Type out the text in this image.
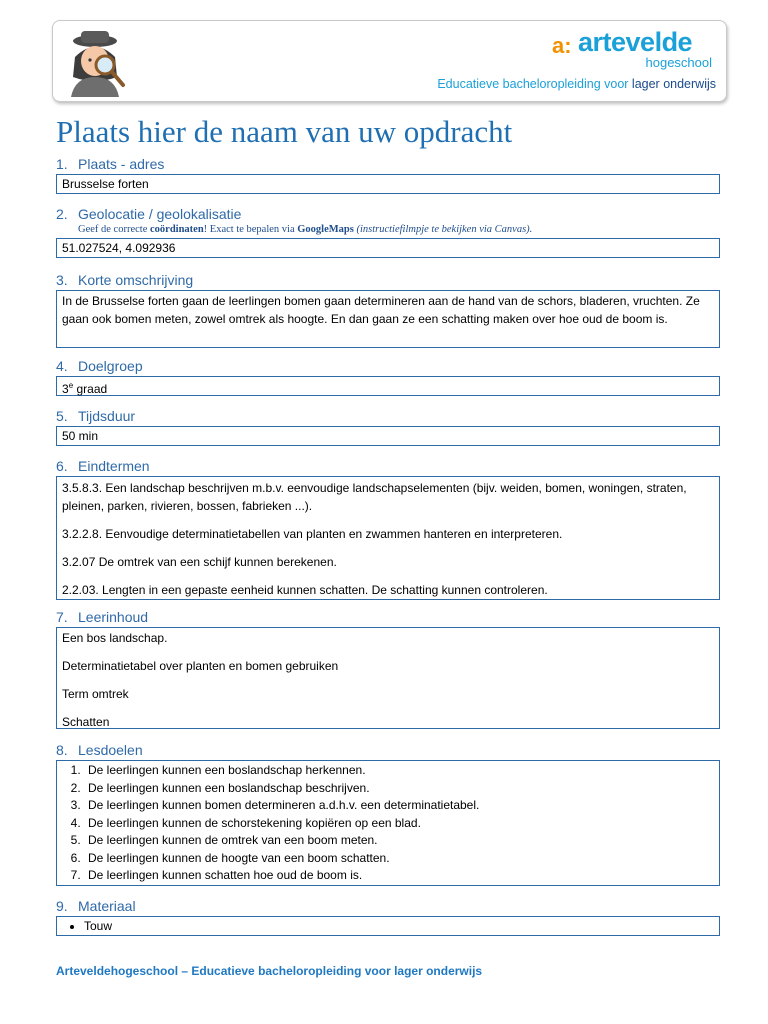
a: artevelde
hogeschool
Educatieve bacheloropleiding voor lager onderwijs
Plaats hier de naam van uw opdracht
1. Plaats - adres

Brusselse forten

2. Geolocatie / geolokalisatie
Geef de correcte coördinaten! Exact te bepalen via GoogleMaps (instructiefilmpje te bekijken via Canvas).

51.027524, 4.092936

3. Korte omschrijving

In de Brusselse forten gaan de leerlingen bomen gaan determineren aan de hand van de schors, bladeren, vruchten. Ze gaan ook bomen meten, zowel omtrek als hoogte. En dan gaan ze een schatting maken over hoe oud de boom is.

4. Doelgroep

3e graad

5. Tijdsduur

50 min

6. Eindtermen

3.5.8.3. Een landschap beschrijven m.b.v. eenvoudige landschapselementen (bijv. weiden, bomen, woningen, straten, pleinen, parken, rivieren, bossen, fabrieken ...).

3.2.2.8. Eenvoudige determinatietabellen van planten en zwammen hanteren en interpreteren.

3.2.07 De omtrek van een schijf kunnen berekenen.

2.2.03. Lengten in een gepaste eenheid kunnen schatten. De schatting kunnen controleren.

7. Leerinhoud

Een bos landschap.

Determinatietabel over planten en bomen gebruiken

Term omtrek

Schatten

8. Lesdoelen
1. De leerlingen kunnen een boslandschap herkennen.
2. De leerlingen kunnen een boslandschap beschrijven.
3. De leerlingen kunnen bomen determineren a.d.h.v. een determinatietabel.
4. De leerlingen kunnen de schorstekening kopiëren op een blad.
5. De leerlingen kunnen de omtrek van een boom meten.
6. De leerlingen kunnen de hoogte van een boom schatten.
7. De leerlingen kunnen schatten hoe oud de boom is.
9. Materiaal
• Touw
Arteveldehogeschool – Educatieve bacheloropleiding voor lager onderwijs
